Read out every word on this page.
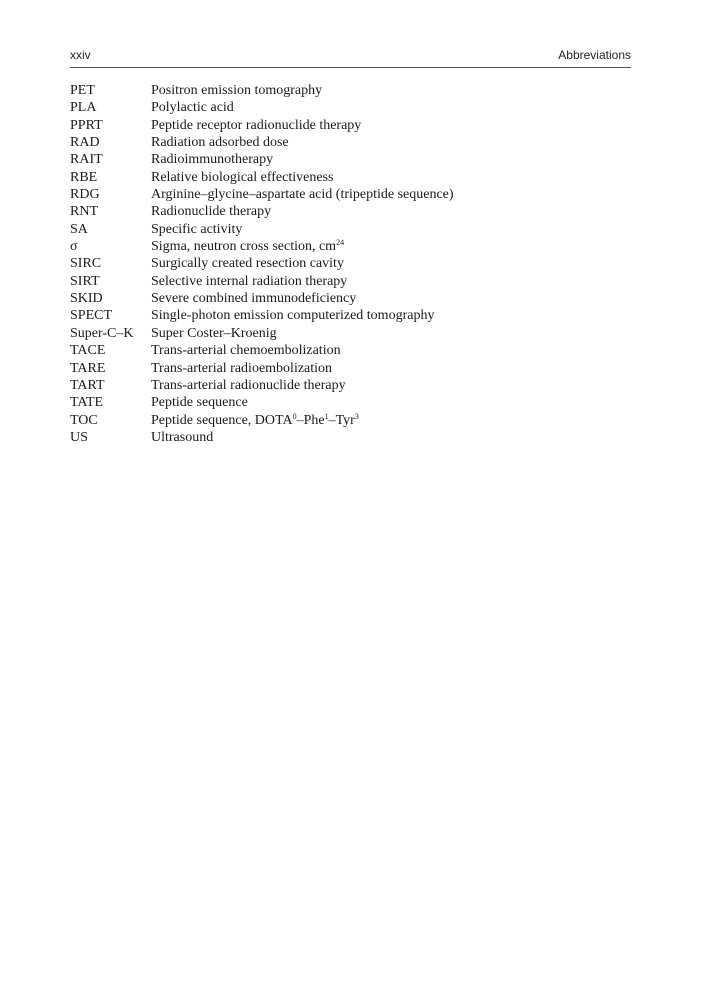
xxiv	Abbreviations
PET	Positron emission tomography
PLA	Polylactic acid
PPRT	Peptide receptor radionuclide therapy
RAD	Radiation adsorbed dose
RAIT	Radioimmunotherapy
RBE	Relative biological effectiveness
RDG	Arginine–glycine–aspartate acid (tripeptide sequence)
RNT	Radionuclide therapy
SA	Specific activity
σ	Sigma, neutron cross section, $cm^{24}$
SIRC	Surgically created resection cavity
SIRT	Selective internal radiation therapy
SKID	Severe combined immunodeficiency
SPECT	Single-photon emission computerized tomography
Super-C–K	Super Coster–Kroenig
TACE	Trans-arterial chemoembolization
TARE	Trans-arterial radioembolization
TART	Trans-arterial radionuclide therapy
TATE	Peptide sequence
TOC	Peptide sequence, DOTA$^0$–Phe$^1$–Tyr$^3$
US	Ultrasound
